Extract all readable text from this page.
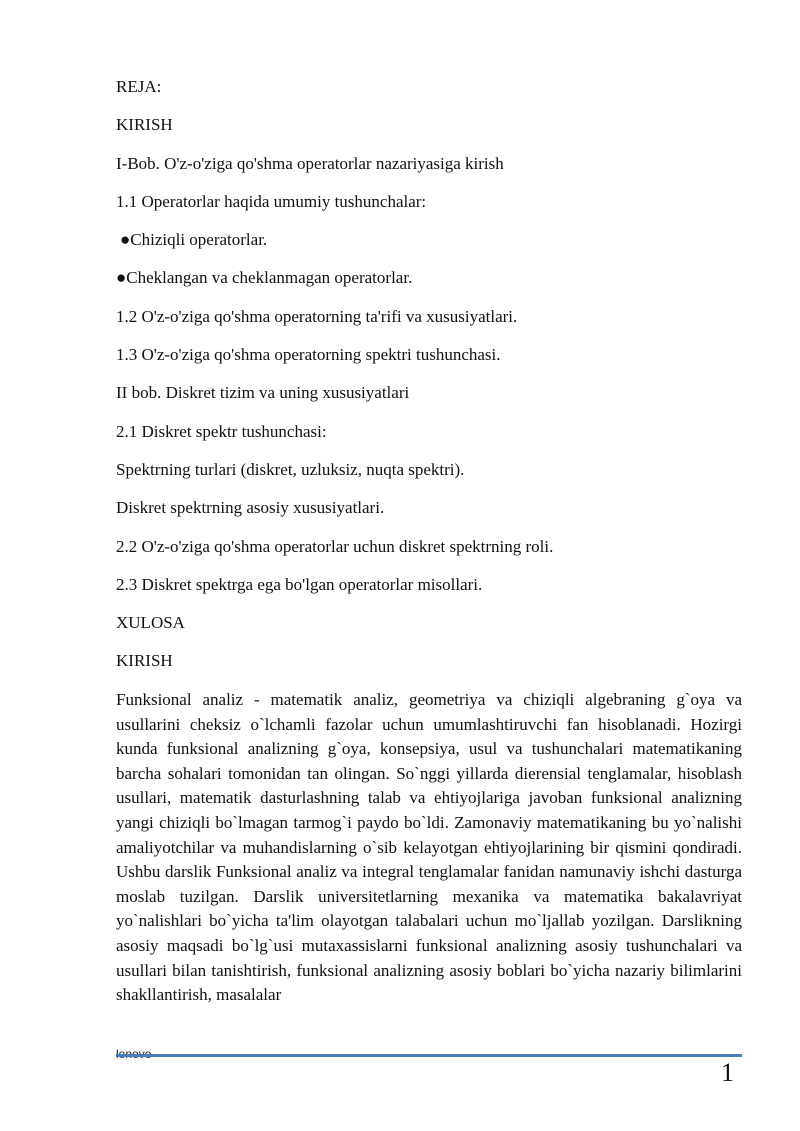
REJA:
KIRISH
I-Bob. O'z-o'ziga qo'shma operatorlar nazariyasiga kirish
1.1 Operatorlar haqida umumiy tushunchalar:
●Chiziqli operatorlar.
●Cheklangan va cheklanmagan operatorlar.
1.2 O'z-o'ziga qo'shma operatorning ta'rifi va xususiyatlari.
1.3 O'z-o'ziga qo'shma operatorning spektri tushunchasi.
II bob. Diskret tizim va uning xususiyatlari
2.1 Diskret spektr tushunchasi:
Spektrning turlari (diskret, uzluksiz, nuqta spektri).
Diskret spektrning asosiy xususiyatlari.
2.2 O'z-o'ziga qo'shma operatorlar uchun diskret spektrning roli.
2.3 Diskret spektrga ega bo'lgan operatorlar misollari.
XULOSA
KIRISH

Funksional analiz - matematik analiz, geometriya va chiziqli algebraning g`oya va usullarini cheksiz o`lchamli fazolar uchun umumlashtiruvchi fan hisoblanadi. Hozirgi kunda funksional analizning g`oya, konsepsiya, usul va tushunchalari matematikaning barcha sohalari tomonidan tan olingan. So`nggi yillarda dierensial tenglamalar, hisoblash usullari, matematik dasturlashning talab va ehtiyojlariga javoban funksional analizning yangi chiziqli bo`lmagan tarmog`i paydo bo`ldi. Zamonaviy matematikaning bu yo`nalishi amaliyotchilar va muhandislarning o`sib kelayotgan ehtiyojlarining bir qismini qondiradi. Ushbu darslik Funksional analiz va integral tenglamalar fanidan namunaviy ishchi dasturga moslab tuzilgan. Darslik universitetlarning mexanika va matematika bakalavriyat yo`nalishlari bo`yicha ta'lim olayotgan talabalari uchun mo`ljallab yozilgan. Darslikning asosiy maqsadi bo`lg`usi mutaxassislarni funksional analizning asosiy tushunchalari va usullari bilan tanishtirish, funksional analizning asosiy boblari bo`yicha nazariy bilimlarini shakllantirish, masalalar

1
